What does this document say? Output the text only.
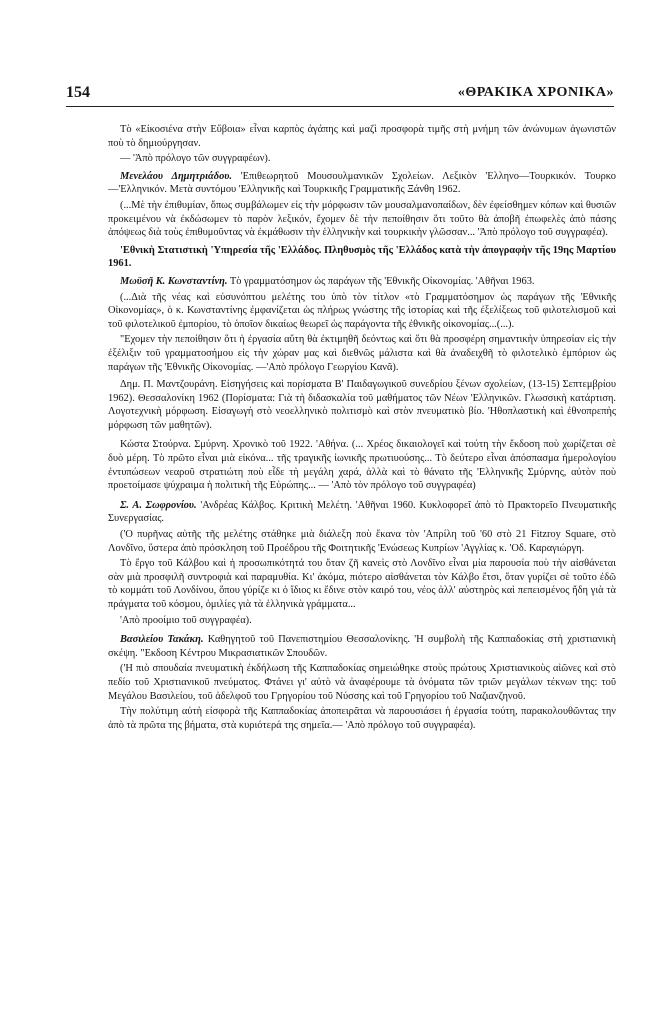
154	«ΘΡΑΚΙΚΑ ΧΡΟΝΙΚΑ»

Τὸ «Εἰκοσιένα στὴν Εὔβοια» εἶναι καρπὸς ἀγάπης καὶ μαζὶ προσφορὰ τιμῆς στὴ μνήμη τῶν ἀνώνυμων ἀγωνιστῶν ποὺ τὸ δημιούργησαν.

— 'Ἀπὸ πρόλογο τῶν συγγραφέων).

Μενελάου Δημητριάδου. 'Επιθεωρητοῦ Μουσουλμανικῶν Σχολείων. Λεξικὸν 'Ελληνο—Τουρκικόν. Τουρκο—'Ελληνικόν. Μετὰ συντόμου 'Ελληνικῆς καὶ Τουρκικῆς Γραμματικῆς Ξάνθη 1962.

(...Μὲ τὴν ἐπιθυμίαν, ὅπως συμβάλωμεν εἰς τὴν μόρφωσιν τῶν μουσαλμανοπαίδων, δὲν ἐφείσθημεν κόπων καὶ θυσιῶν προκειμένου νὰ ἐκδώσωμεν τὸ παρὸν λεξικόν, ἔχομεν δὲ τὴν πεποίθησιν ὅτι τοῦτο θὰ ἀποβῆ ἐπωφελὲς ἀπὸ πάσης ἀπόψεως διὰ τοὺς ἐπιθυμοῦντας νὰ ἐκμάθωσιν τὴν ἑλληνικὴν καὶ τουρκικὴν γλῶσσαν... 'Ἀπὸ πρόλογο τοῦ συγγραφέα).

'Εθνικὴ Στατιστικὴ 'Υπηρεσία τῆς 'Ελλάδος. Πληθυσμὸς τῆς 'Ελλάδος κατὰ τὴν ἀπογραφὴν τῆς 19ης Μαρτίου 1961.

Μωϋσῆ Κ. Κωνσταντίνη. Τὸ γραμματόσημον ὡς παράγων τῆς 'Εθνικῆς Οἰκονομίας. 'Αθῆναι 1963.

(...Διὰ τῆς νέας καὶ εὐσυνόπτου μελέτης του ὑπὸ τὸν τίτλον «τὸ Γραμματόσημον ὡς παράγων τῆς 'Εθνικῆς Οἰκονομίας», ὁ κ. Κωνσταντίνης ἐμφανίζεται ὡς πλήρως γνώστης τῆς ἱστορίας καὶ τῆς ἐξελίξεως τοῦ φιλοτελισμοῦ καὶ τοῦ φιλοτελικοῦ ἐμπορίου, τὸ ὁποῖον δικαίως θεωρεῖ ὡς παράγοντα τῆς ἐθνικῆς οἰκονομίας...(...).

"Εχομεν τὴν πεποίθησιν ὅτι ἡ ἐργασία αὕτη θὰ ἐκτιμηθῆ δεόντως καὶ ὅτι θὰ προσφέρη σημαντικὴν ὑπηρεσίαν εἰς τὴν ἐξέλιξιν τοῦ γραμματοσήμου εἰς τὴν χώραν μας καὶ διεθνῶς μάλιστα καὶ θὰ ἀναδειχθῆ τὸ φιλοτελικὸ ἐμπόριον ὡς παράγων τῆς 'Εθνικῆς Οἰκονομίας. —'Απὸ πρόλογο Γεωργίου Κανᾶ).

Δημ. Π. Μαντζουράνη. Εἰσηγήσεις καὶ πορίσματα Β' Παιδαγωγικοῦ συνεδρίου ξένων σχολείων, (13-15) Σεπτεμβρίου 1962). Θεσσαλονίκη 1962 (Πορίσματα: Γιὰ τὴ διδασκαλία τοῦ μαθήματος τῶν Νέων 'Ελληνικῶν. Γλωσσικὴ κατάρτιση. Λογοτεχνικὴ μόρφωση. Εἰσαγωγὴ στὸ νεοελληνικὸ πολιτισμὸ καὶ στὸν πνευματικὸ βίο. 'Ηθοπλαστικὴ καὶ ἐθνοπρεπὴς μόρφωση τῶν μαθητῶν).

Κώστα Στούρνα. Σμύρνη. Χρονικὸ τοῦ 1922. 'Αθήνα. (... Χρέος δικαιολογεῖ καὶ τούτη τὴν ἔκδοση ποὺ χωρίζεται σὲ δυὸ μέρη. Τὸ πρῶτο εἶναι μιὰ εἰκόνα... τῆς τραγικῆς ἰωνικῆς πρωτιυούσης... Τὸ δεύτερο εἶναι ἀπόσπασμα ἡμερολογίου ἐντυπώσεων νεαροῦ στρατιώτη ποὺ εἶδε τὴ μεγάλη χαρά, ἀλλὰ καὶ τὸ θάνατο τῆς 'Ελληνικῆς Σμύρνης, αὐτὸν ποὺ προετοίμασε ψύχραιμα ἡ πολιτικὴ τῆς Εὐρώπης... — 'Απὸ τὸν πρόλογο τοῦ συγγραφέα)

Σ. Α. Σωφρονίου. 'Ανδρέας Κάλβος. Κριτικὴ Μελέτη. 'Αθῆναι 1960. Κυκλοφορεῖ ἀπὸ τὸ Πρακτορεῖο Πνευματικῆς Συνεργασίας.

('Ο πυρῆνας αὐτῆς τῆς μελέτης στάθηκε μιὰ διάλεξη ποὺ ἔκανα τὸν 'Απρίλη τοῦ '60 στὸ 21 Fitzroy Square, στὸ Λονδῖνο, ὕστερα ἀπὸ πρόσκληση τοῦ Προέδρου τῆς Φοιτητικῆς 'Ενώσεως Κυπρίων 'Αγγλίας κ. 'Οδ. Καραγιώργη.

Τὸ ἔργο τοῦ Κάλβου καὶ ἡ προσωπικότητά του ὅταν ζῆ κανεὶς στὸ Λονδῖνο εἶναι μία παρουσία ποὺ τὴν αἰσθάνεται σὰν μιὰ προσφιλῆ συντροφιὰ καὶ παραμυθία. Κι' ἀκόμα, πιότερο αἰσθάνεται τὸν Κάλβο ἔτσι, ὅταν γυρίζει σὲ τοῦτο ἐδῶ τὸ κομμάτι τοῦ Λονδίνου, ὅπου γύρίζε κι ὁ ἴδιος κι ἔδινε στὸν καιρό του, νέος ἀλλ' αὐστηρὸς καὶ πεπεισμένος ἤδη γιὰ τὰ πράγματα τοῦ κόσμου, ὁμιλίες γιὰ τὰ ἑλληνικὰ γράμματα...

'Απὸ προοίμιο τοῦ συγγραφέα).

Βασιλείου Τακάκη. Καθηγητοῦ τοῦ Πανεπιστημίου Θεσσαλονίκης. 'Η συμβολὴ τῆς Καππαδοκίας στὴ χριστιανικὴ σκέψη. "Εκδοση Κέντρου Μικρασιατικῶν Σπουδῶν.

('Η πιὸ σπουδαία πνευματικὴ ἐκδήλωση τῆς Καππαδοκίας σημειώθηκε στοὺς πρώτους Χριστιανικοὺς αἰῶνες καὶ στὸ πεδίο τοῦ Χριστιανικοῦ πνεύματος. Φτάνει γι' αὐτὸ νὰ ἀναφέρουμε τὰ ὀνόματα τῶν τριῶν μεγάλων τέκνων της: τοῦ Μεγάλου Βασιλείου, τοῦ ἀδελφοῦ του Γρηγορίου τοῦ Νύσσης καὶ τοῦ Γρηγορίου τοῦ Ναζιανζηνοῦ.

Τὴν πολύτιμη αὐτὴ εἰσφορὰ τῆς Καππαδοκίας ἀποπειρᾶται νὰ παρουσιάσει ἡ ἐργασία τούτη, παρακολουθῶντας την ἀπὸ τὰ πρῶτα της βήματα, στὰ κυριότερά της σημεῖα.— 'Απὸ πρόλογο τοῦ συγγραφέα).
